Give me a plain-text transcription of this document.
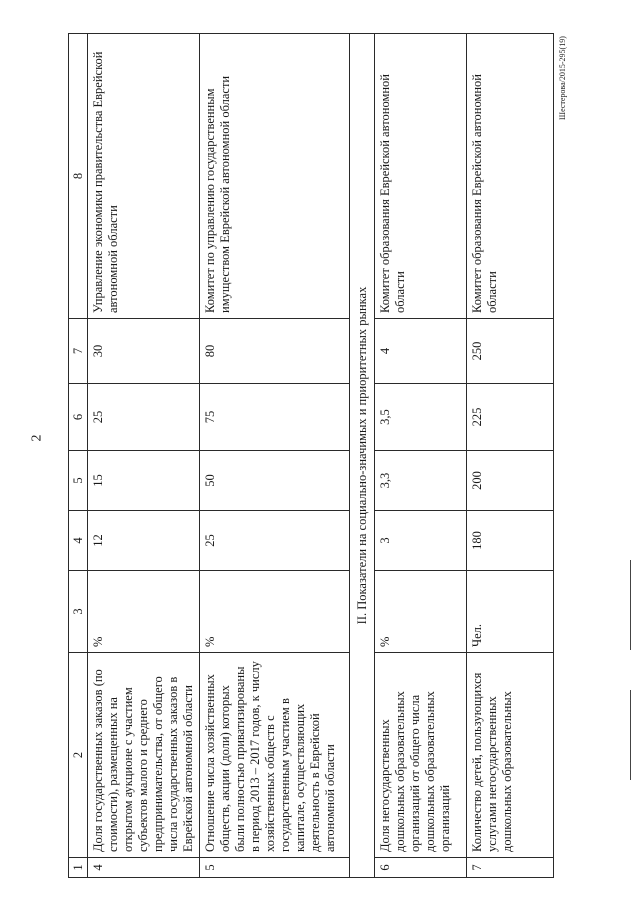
2
Шестерова/2015-295(19)
1	2	3	4	5	6	7	8
4	Доля государственных заказов (по стоимости), размещенных на открытом аукционе с участием субъектов малого и среднего предпринимательства, от общего числа государственных заказов в Еврейской автономной области	%	12	15	25	30	Управление экономики правительства Еврейской автономной области
5	Отношение числа хозяйственных обществ, акции (доли) которых были полностью приватизированы в период 2013 – 2017 годов, к числу хозяйственных обществ с государственным участием в капитале, осуществляющих деятельность в Еврейской автономной области	%	25	50	75	80	Комитет по управлению государственным имуществом Еврейской автономной области
II. Показатели на социально-значимых и приоритетных рынках							
6	Доля негосударственных дошкольных образовательных организаций от общего числа дошкольных образовательных организаций	%	3	3,3	3,5	4	Комитет образования Еврейской автономной области
7	Количество детей, пользующихся услугами негосударственных дошкольных образовательных	Чел.	180	200	225	250	Комитет образования Еврейской автономной области
